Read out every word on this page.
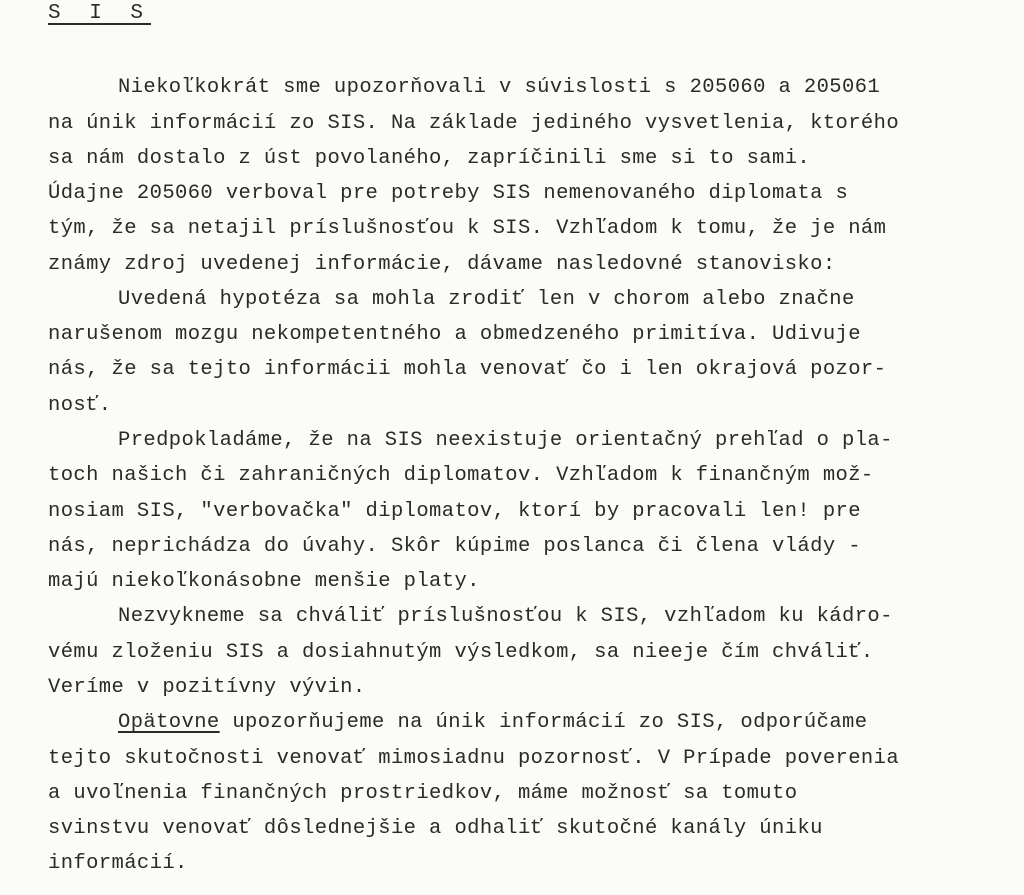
S I S
Niekoľkokrát sme upozorňovali v súvislosti s 205060 a 205061
na únik informácií zo SIS. Na základe jediného vysvetlenia, ktorého
sa nám dostalo z úst povolaného, zapríčinili sme si to sami.
Údajne 205060 verboval pre potreby SIS nemenovaného diplomata s
tým, že sa netajil príslušnosťou k SIS. Vzhľadom k tomu, že je nám
známy zdroj uvedenej informácie, dávame nasledovné stanovisko:
Uvedená hypotéza sa mohla zrodiť len v chorom alebo značne
narušenom mozgu nekompetentného a obmedzeného primitíva. Udivuje
nás, že sa tejto informácii mohla venovať čo i len okrajová pozor-
nosť.
Predpokladáme, že na SIS neexistuje orientačný prehľad o pla-
toch našich či zahraničných diplomatov. Vzhľadom k finančným mož-
nosiam SIS, "verbovačka" diplomatov, ktorí by pracovali len! pre
nás, neprichádza do úvahy. Skôr kúpime poslanca či člena vlády -
majú niekoľkonásobne menšie platy.
Nezvykneme sa chváliť príslušnosťou k SIS, vzhľadom ku kádro-
vému zloženiu SIS a dosiahnutým výsledkom, sa nieeje čím chváliť.
Veríme v pozitívny vývin.
Opätovne upozorňujeme na únik informácií zo SIS, odporúčame
tejto skutočnosti venovať mimosiadnu pozornosť. V Prípade poverenia
a uvoľnenia finančných prostriedkov, máme možnosť sa tomuto
svinstvu venovať dôslednejšie a odhaliť skutočné kanály úniku
informácií.
